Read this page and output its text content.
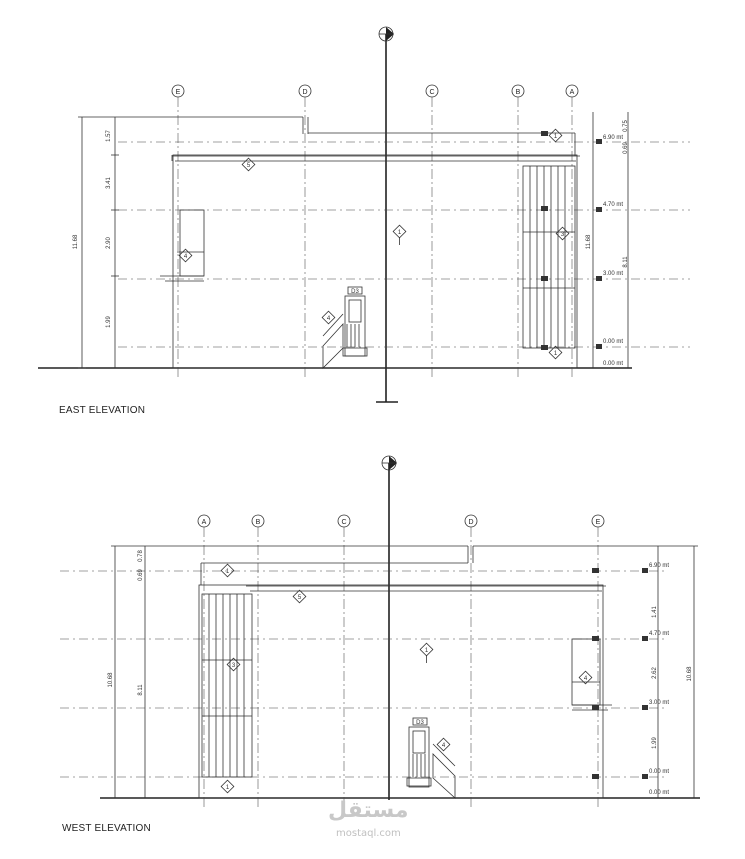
E	D	C	B	A
D3
1.57
3.41
2.90
1.99
11.68
0.75
0.69
11.68
8.11
6.90 mt
4.70 mt
3.00 mt
0.00 mt
0.00 mt
5
1
4
4
1
3
1
A	B	C	D	E
D3
0.78
0.69
10.68
8.11
1.41
2.62
1.99
10.68
6.90 mt
4.70 mt
3.00 mt
0.00 mt
0.00 mt
1
5
1
4
3
4
1
EAST ELEVATION
WEST ELEVATION
مستقل
mostaql.com
